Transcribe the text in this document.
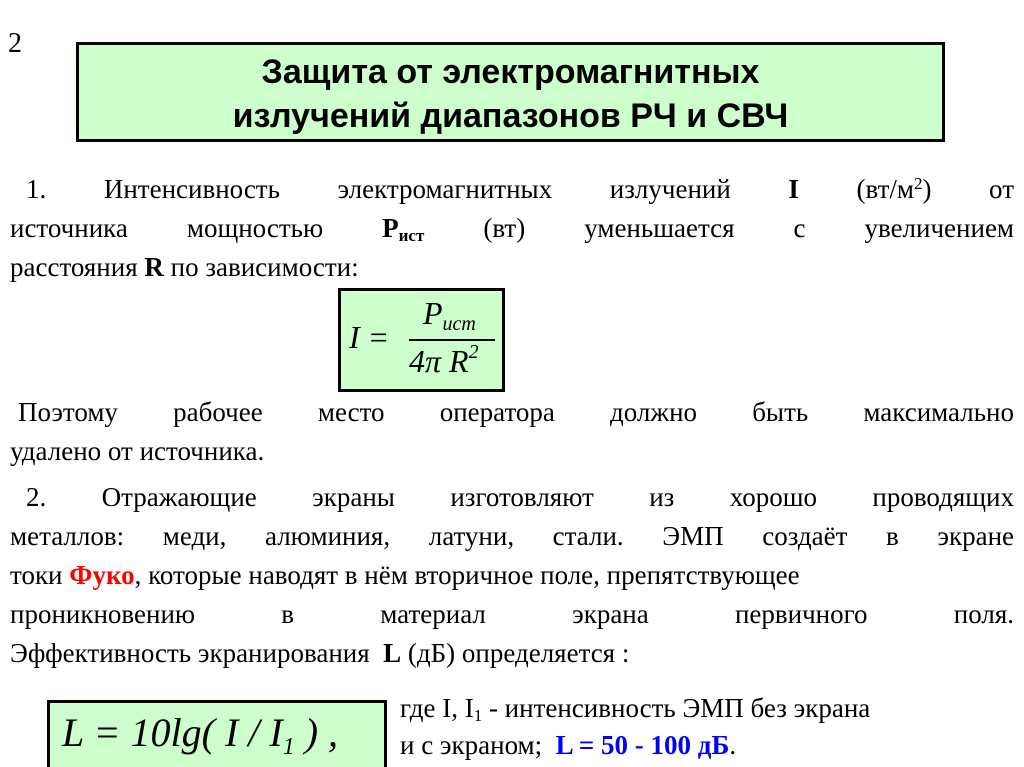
2
Защита от электромагнитных
излучений диапазонов РЧ и СВЧ
1. Интенсивность электромагнитных излучений I $(вт/м^2)$ от
источника мощностью $P_{ист}$ (вт) уменьшается с увеличением
расстояния R по зависимости:
I =
$P_{ист}$
4π $R^2$
Поэтому рабочее место оператора должно быть максимально
удалено от источника.
2. Отражающие экраны изготовляют из хорошо проводящих
металлов: меди, алюминия, латуни, стали. ЭМП создаёт в экране
токи Фуко, которые наводят в нём вторичное поле, препятствующее
проникновению в материал экрана первичного поля.
Эффективность экранирования L (дБ) определяется :
L = 10lg( I / $I_1$ ) ,
где I, $I_1$ - интенсивность ЭМП без экрана
и с экраном;  L = 50 - 100 дБ.
